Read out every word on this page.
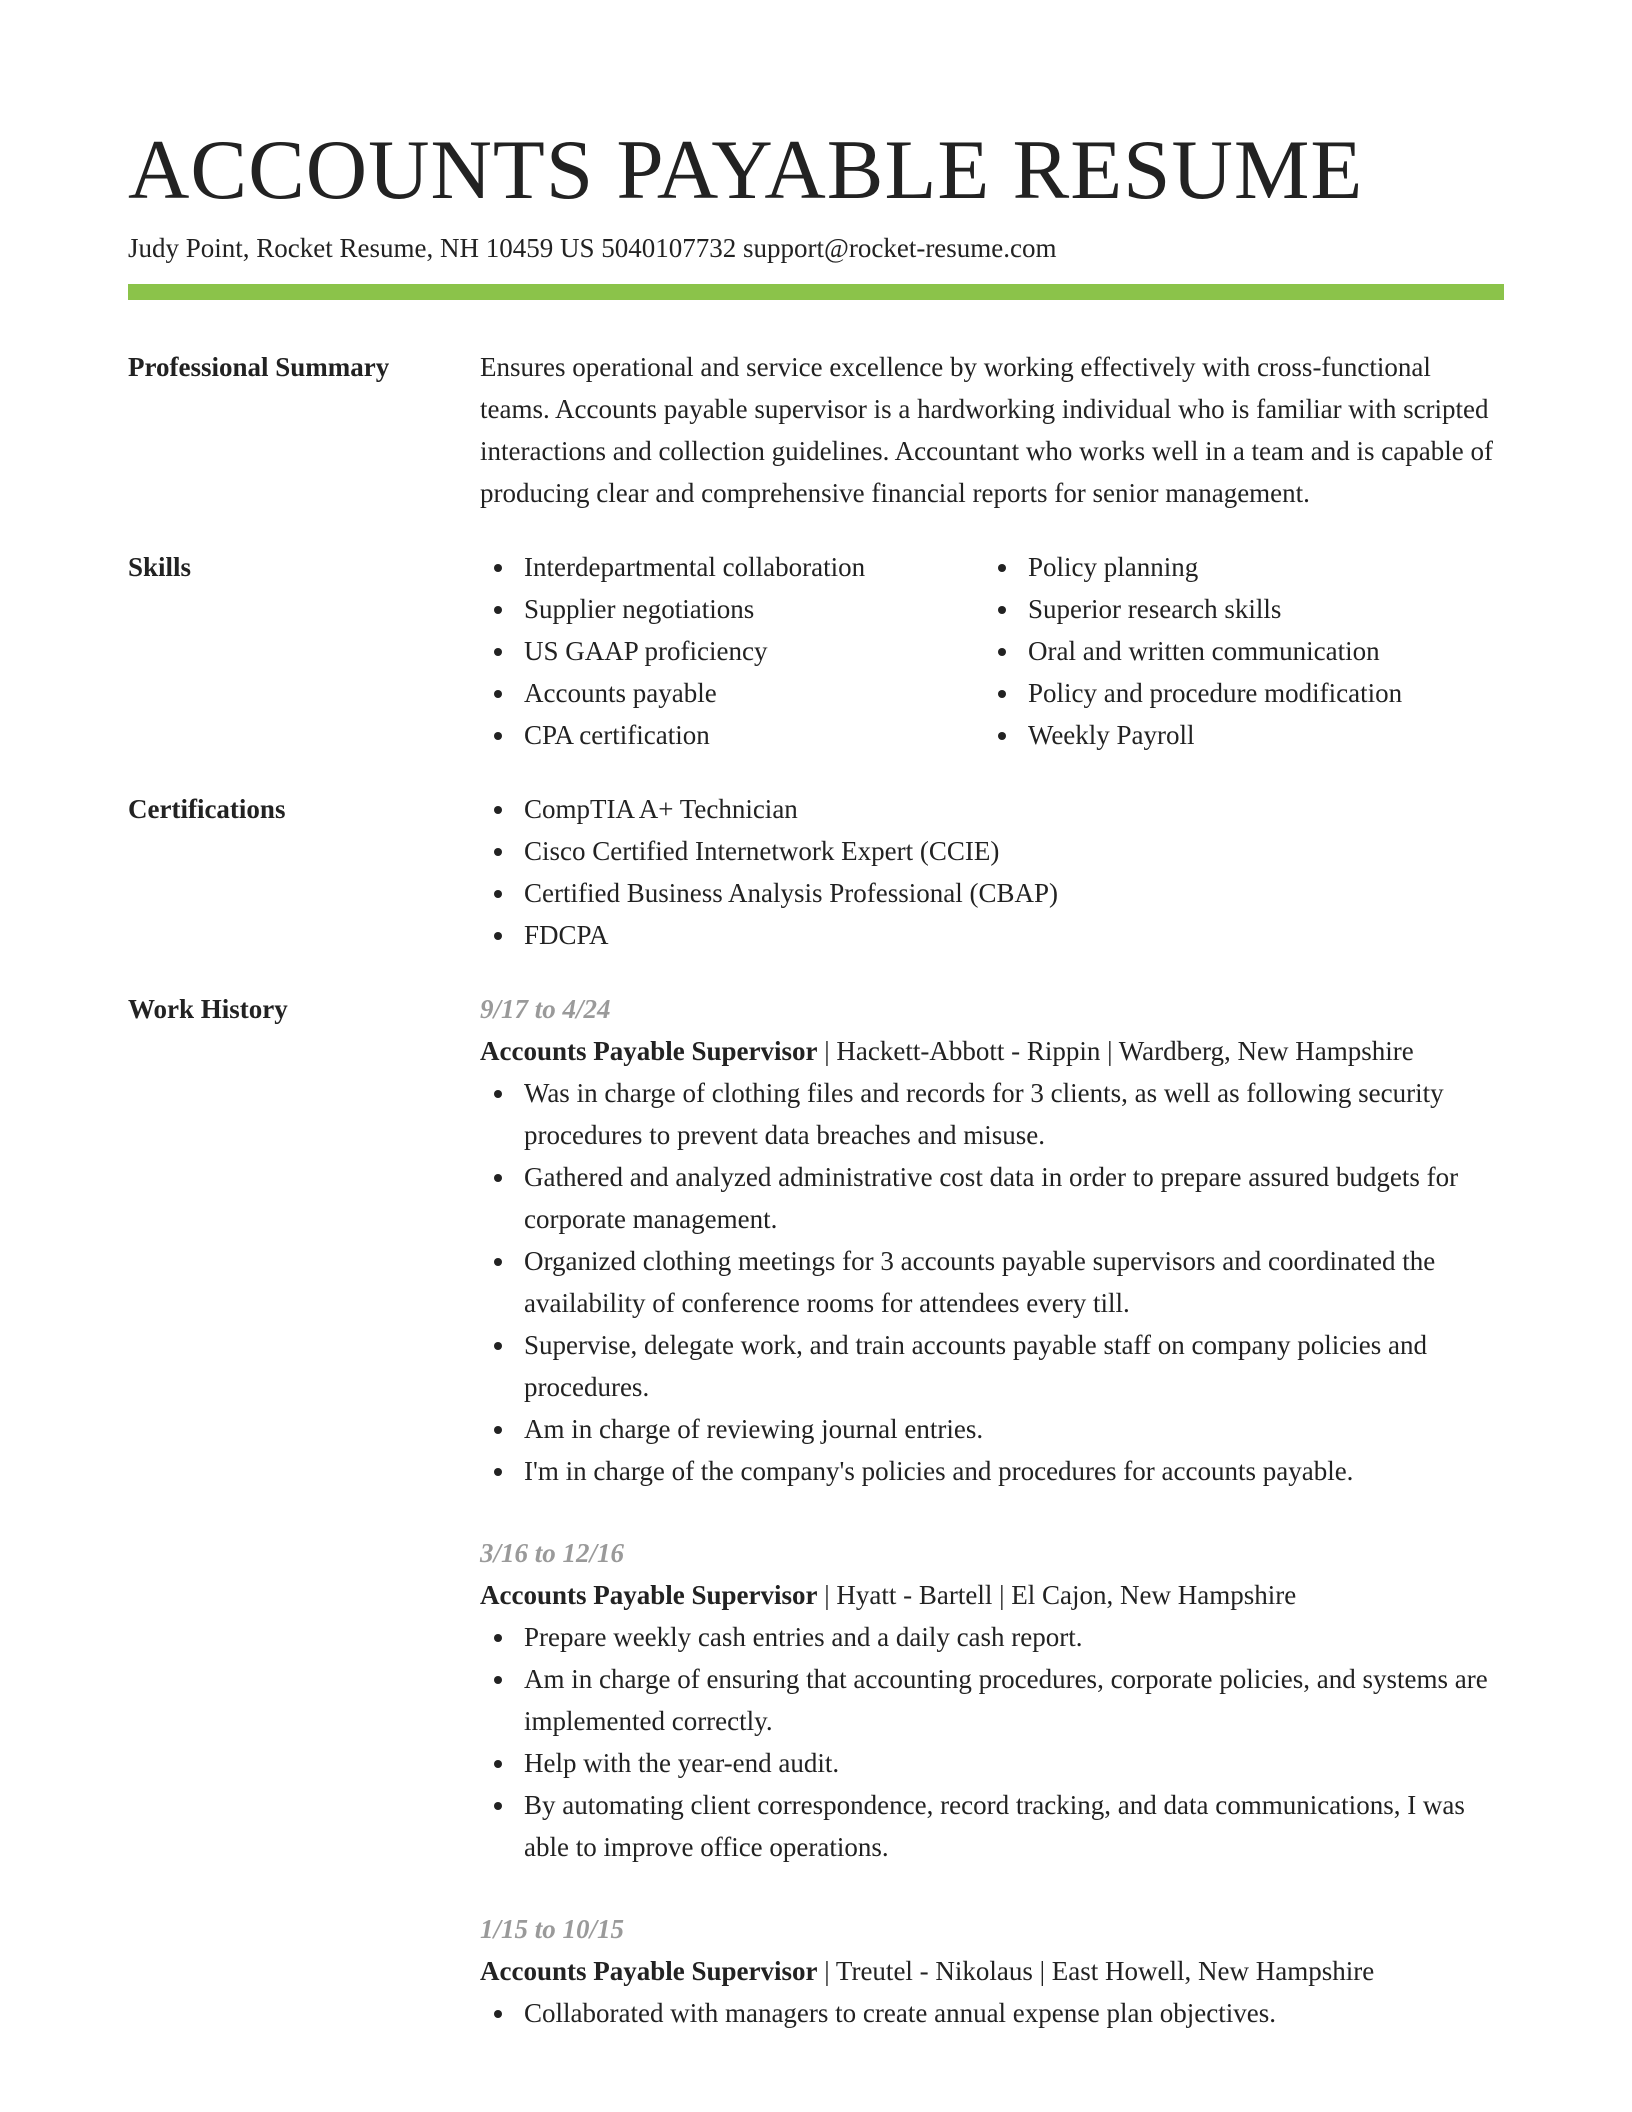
ACCOUNTS PAYABLE RESUME
Judy Point, Rocket Resume, NH 10459 US 5040107732 support@rocket-resume.com
Professional Summary	Ensures operational and service excellence by working effectively with cross-functional teams. Accounts payable supervisor is a hardworking individual who is familiar with scripted interactions and collection guidelines. Accountant who works well in a team and is capable of producing clear and comprehensive financial reports for senior management.
Skills	Interdepartmental collaboration
Supplier negotiations
US GAAP proficiency
Accounts payable
CPA certification
Policy planning
Superior research skills
Oral and written communication
Policy and procedure modification
Weekly Payroll
Certifications	CompTIA A+ Technician
Cisco Certified Internetwork Expert (CCIE)
Certified Business Analysis Professional (CBAP)
FDCPA
Work History	9/17 to 4/24
Accounts Payable Supervisor | Hackett-Abbott - Rippin | Wardberg, New Hampshire
Was in charge of clothing files and records for 3 clients, as well as following security procedures to prevent data breaches and misuse.
Gathered and analyzed administrative cost data in order to prepare assured budgets for corporate management.
Organized clothing meetings for 3 accounts payable supervisors and coordinated the availability of conference rooms for attendees every till.
Supervise, delegate work, and train accounts payable staff on company policies and procedures.
Am in charge of reviewing journal entries.
I'm in charge of the company's policies and procedures for accounts payable.
3/16 to 12/16
Accounts Payable Supervisor | Hyatt - Bartell | El Cajon, New Hampshire
Prepare weekly cash entries and a daily cash report.
Am in charge of ensuring that accounting procedures, corporate policies, and systems are implemented correctly.
Help with the year-end audit.
By automating client correspondence, record tracking, and data communications, I was able to improve office operations.
1/15 to 10/15
Accounts Payable Supervisor | Treutel - Nikolaus | East Howell, New Hampshire
Collaborated with managers to create annual expense plan objectives.
